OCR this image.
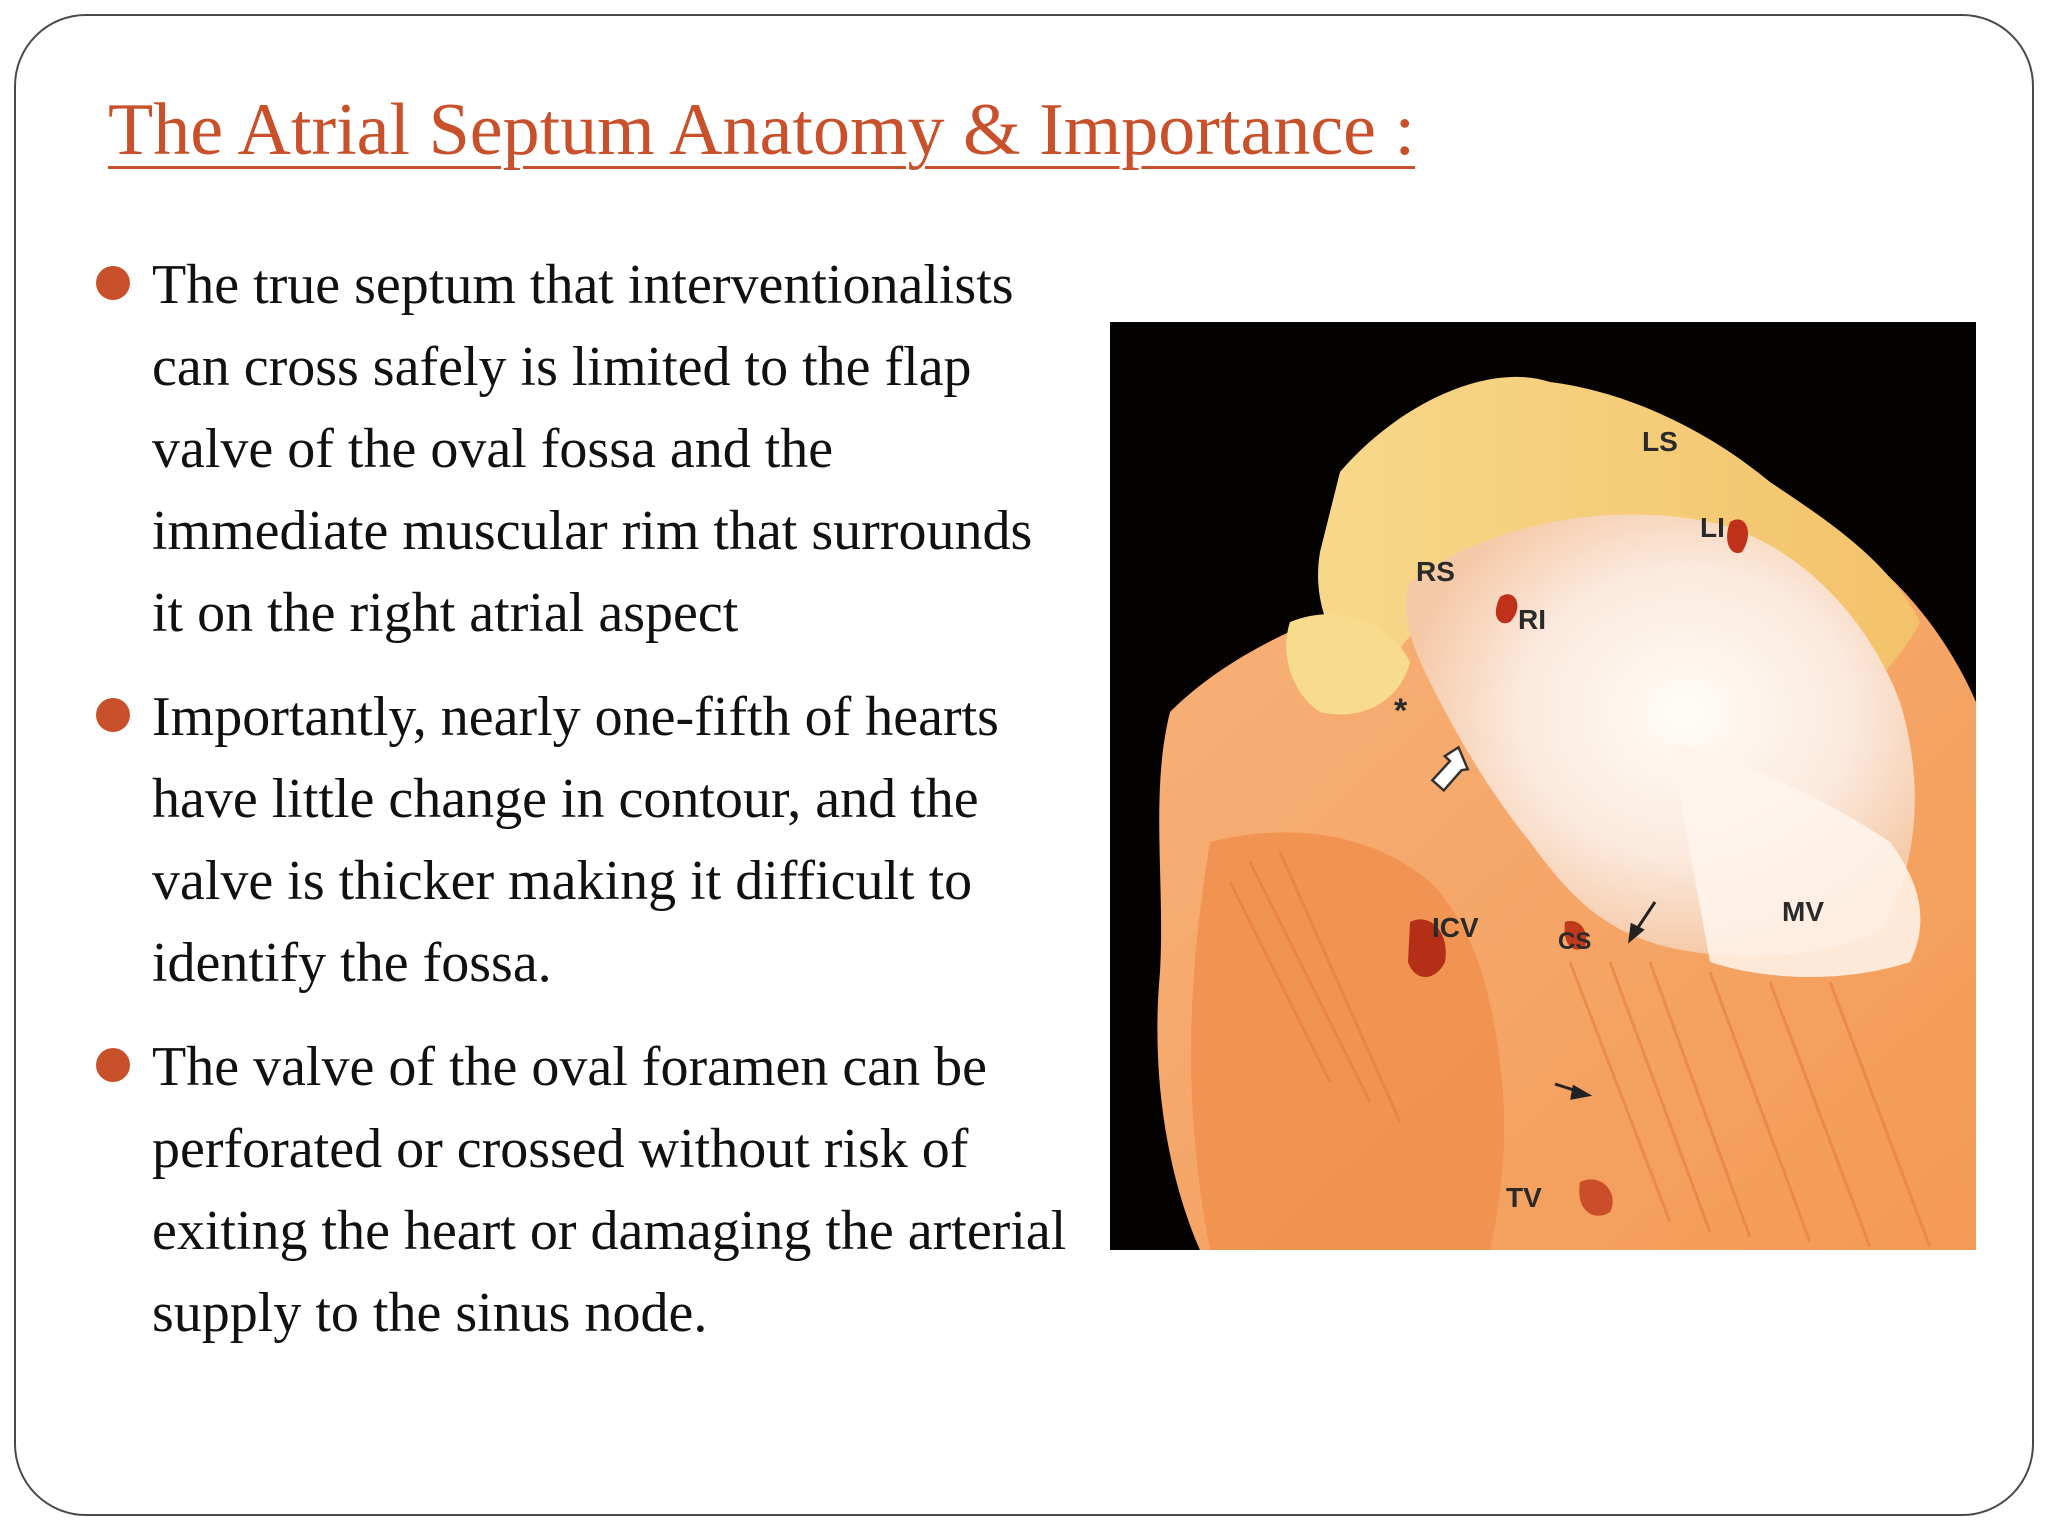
The Atrial Septum Anatomy & Importance :
The true septum that interventionalists can cross safely is limited to the flap valve of the oval fossa and the immediate muscular rim that surrounds it on the right atrial aspect
Importantly, nearly one-fifth of hearts have little change in contour, and the valve is thicker making it difficult to identify the fossa.
The valve of the oval foramen can be perforated or crossed without risk of exiting the heart or damaging the arterial supply to the sinus node.
LS
LI
RS
RI
*
ICV	CS
MV
TV
